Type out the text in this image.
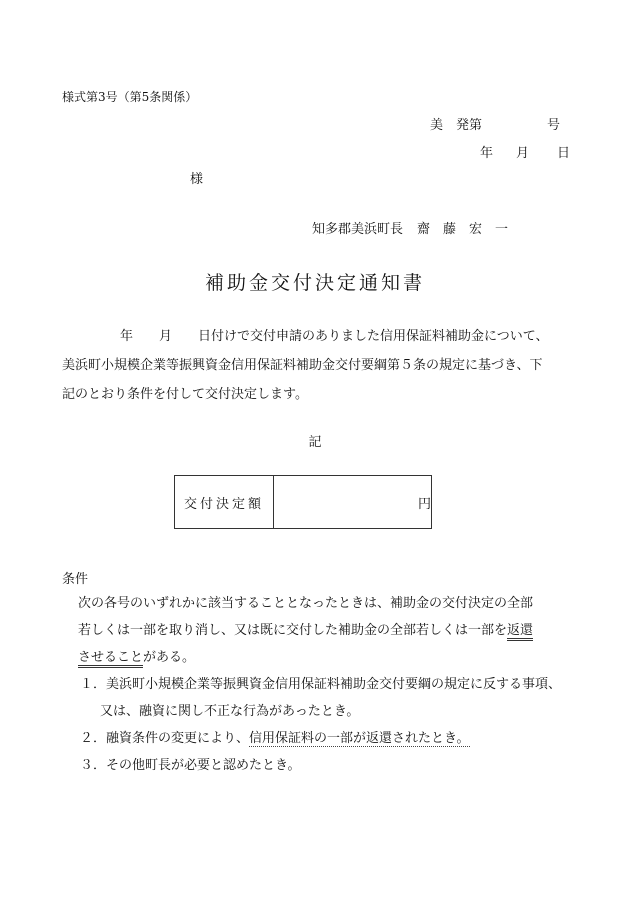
様式第3号（第5条関係）
美　発第	号
年 月 日
様
知多郡美浜町長 齋　藤　宏　一
補助金交付決定通知書
年　　月　　日付けで交付申請のありました信用保証料補助金について、
美浜町小規模企業等振興資金信用保証料補助金交付要綱第５条の規定に基づき、下
記のとおり条件を付して交付決定します。
記
交付決定額	円
条件
次の各号のいずれかに該当することとなったときは、補助金の交付決定の全部
若しくは一部を取り消し、又は既に交付した補助金の全部若しくは一部を返還
させることがある。
１．美浜町小規模企業等振興資金信用保証料補助金交付要綱の規定に反する事項、
又は、融資に関し不正な行為があったとき。
２．融資条件の変更により、信用保証料の一部が返還されたとき。
３．その他町長が必要と認めたとき。
